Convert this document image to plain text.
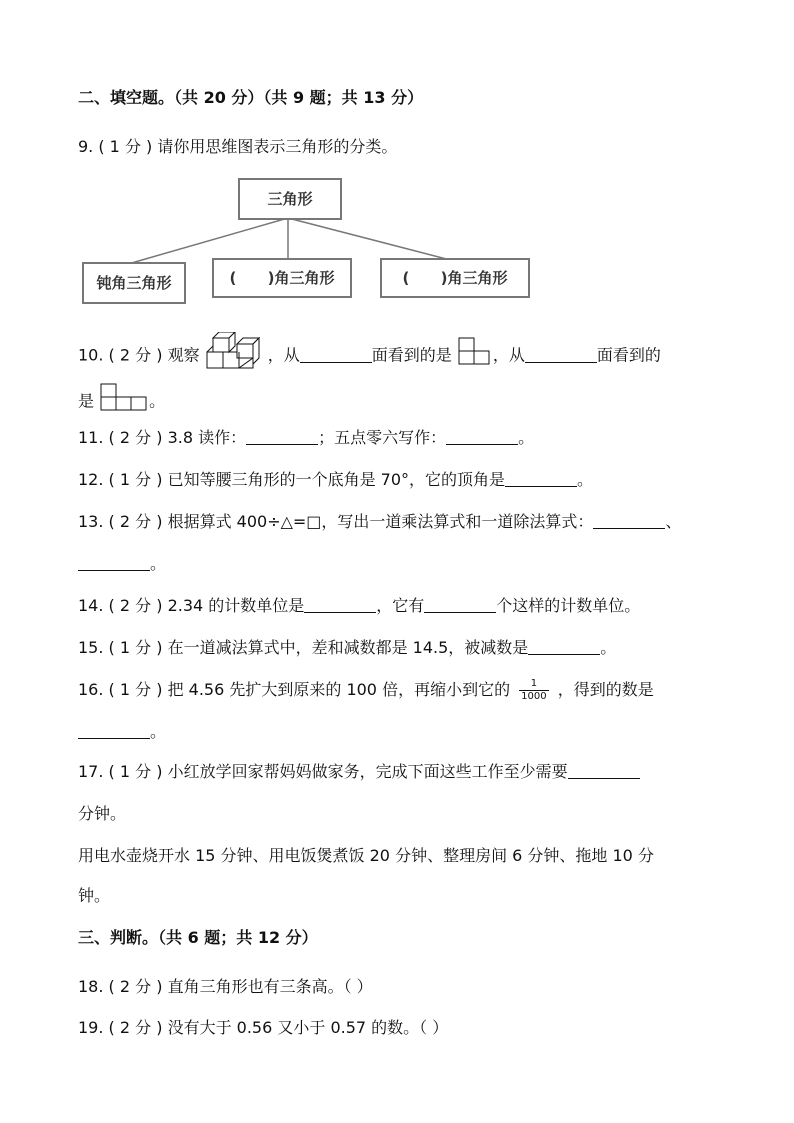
二、填空题。（共 20 分）（共 9 题；共 13 分）
9. ( 1 分 ) 请你用思维图表示三角形的分类。
三角形
钝角三角形	(      )角三角形	(      )角三角形
10. ( 2 分 ) 观察	，从	面看到的是	，从	面看到的
是	。
11. ( 2 分 ) 3.8 读作：	；五点零六写作：	。
12. ( 1 分 ) 已知等腰三角形的一个底角是 70°，它的顶角是	。
13. ( 2 分 ) 根据算式 400÷△=□，写出一道乘法算式和一道除法算式：	、
。
14. ( 2 分 ) 2.34 的计数单位是	，它有	个这样的计数单位。
15. ( 1 分 ) 在一道减法算式中，差和减数都是 14.5，被减数是	。
16. ( 1 分 ) 把 4.56 先扩大到原来的 100 倍，再缩小到它的 $\frac{1}{1000}$ ，得到的数是
。
17. ( 1 分 ) 小红放学回家帮妈妈做家务，完成下面这些工作至少需要
分钟。
用电水壶烧开水 15 分钟、用电饭煲煮饭 20 分钟、整理房间 6 分钟、拖地 10 分
钟。
三、判断。（共 6 题；共 12 分）
18. ( 2 分 ) 直角三角形也有三条高。（ ）
19. ( 2 分 ) 没有大于 0.56 又小于 0.57 的数。（ ）
